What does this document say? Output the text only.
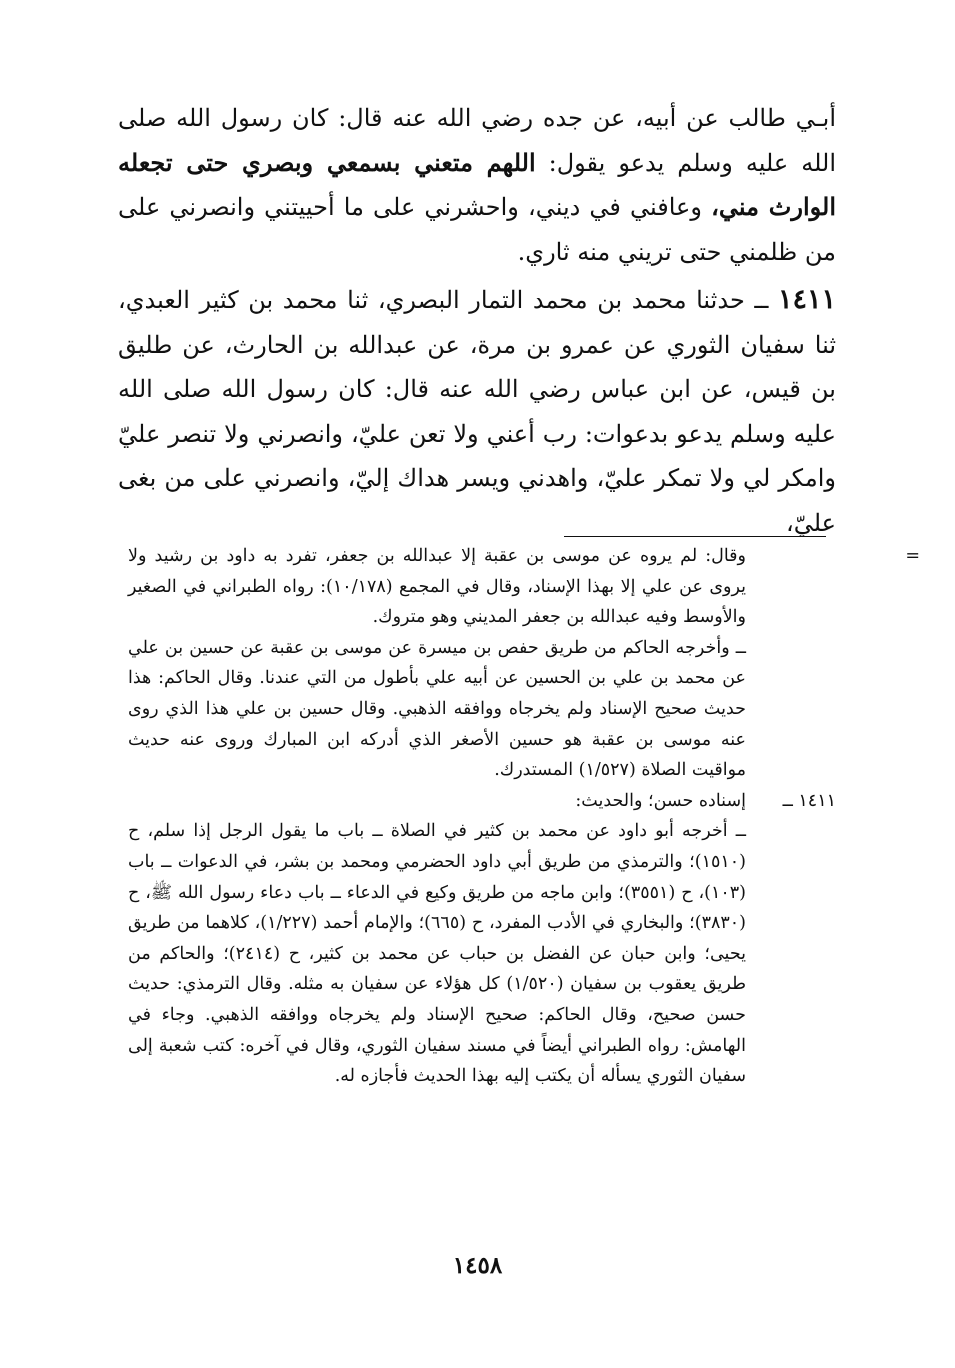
أبـي طالب عن أبيه، عن جده رضي الله عنه قال: كان رسول الله صلى الله عليه وسلم يدعو يقول: اللهم متعني بسمعي وبصري حتى تجعله الوارث مني، وعافني في ديني، واحشرني على ما أحييتني وانصرني على من ظلمني حتى تريني منه ثاري.

١٤١١ ــ حدثنا محمد بن محمد التمار البصري، ثنا محمد بن كثير العبدي، ثنا سفيان الثوري عن عمرو بن مرة، عن عبدالله بن الحارث، عن طليق بن قيس، عن ابن عباس رضي الله عنه قال: كان رسول الله صلى الله عليه وسلم يدعو بدعوات: رب أعني ولا تعن عليّ، وانصرني ولا تنصر عليّ وامكر لي ولا تمكر عليّ، واهدني ويسر هداك إليّ، وانصرني على من بغى عليّ،

=

وقال: لم يروه عن موسى بن عقبة إلا عبدالله بن جعفر، تفرد به داود بن رشيد ولا يروى عن علي إلا بهذا الإسناد، وقال في المجمع (١٠/١٧٨): رواه الطبراني في الصغير والأوسط وفيه عبدالله بن جعفر المديني وهو متروك.

ــ وأخرجه الحاكم من طريق حفص بن ميسرة عن موسى بن عقبة عن حسين بن علي عن محمد بن علي بن الحسين عن أبيه علي بأطول من التي عندنا. وقال الحاكم: هذا حديث صحيح الإسناد ولم يخرجاه ووافقه الذهبي. وقال حسين بن علي هذا الذي روى عنه موسى بن عقبة هو حسين الأصغر الذي أدركه ابن المبارك وروى عنه حديث مواقيت الصلاة (١/٥٢٧) المستدرك.

١٤١١ ــ

إسناده حسن؛ والحديث:

ــ أخرجه أبو داود عن محمد بن كثير في الصلاة ــ باب ما يقول الرجل إذا سلم، ح (١٥١٠)؛ والترمذي من طريق أبي داود الحضرمي ومحمد بن بشر، في الدعوات ــ باب (١٠٣)، ح (٣٥٥١)؛ وابن ماجه من طريق وكيع في الدعاء ــ باب دعاء رسول الله ﷺ، ح (٣٨٣٠)؛ والبخاري في الأدب المفرد، ح (٦٦٥)؛ والإمام أحمد (١/٢٢٧)، كلاهما من طريق يحيى؛ وابن حبان عن الفضل بن حباب عن محمد بن كثير، ح (٢٤١٤)؛ والحاكم من طريق يعقوب بن سفيان (١/٥٢٠) كل هؤلاء عن سفيان به مثله. وقال الترمذي: حديث حسن صحيح، وقال الحاكم: صحيح الإسناد ولم يخرجاه ووافقه الذهبي. وجاء في الهامش: رواه الطبراني أيضاً في مسند سفيان الثوري، وقال في آخره: كتب شعبة إلى سفيان الثوري يسأله أن يكتب إليه بهذا الحديث فأجازه له.

١٤٥٨
